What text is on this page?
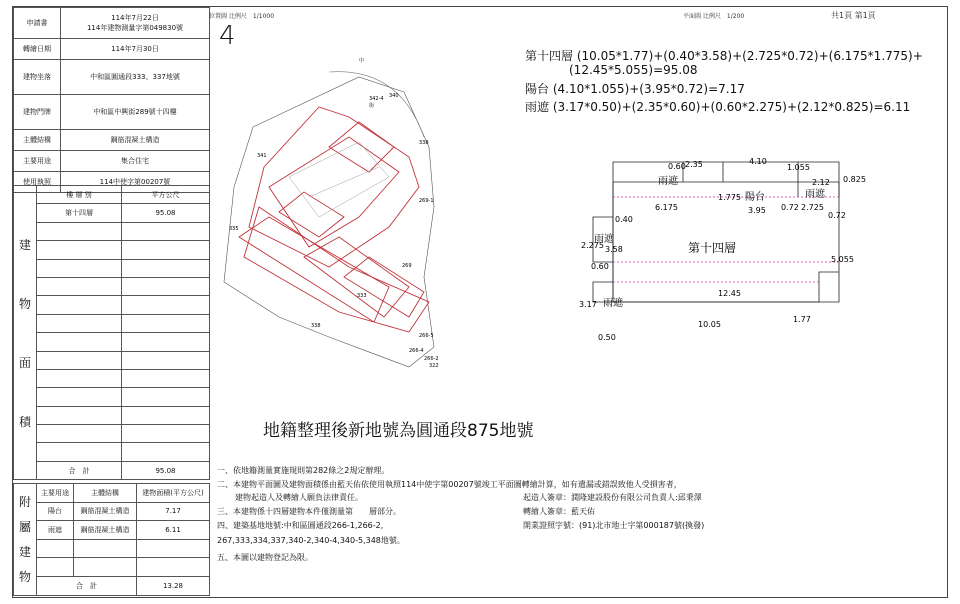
申請書	114年7月22日
114年建物測量字第049830號

轉繪日期	114年7月30日
建物坐落	中和區圓通段333、337地號
建物門牌	中和區中興街289號十四樓
主體結構	鋼筋混凝土構造
主要用途	集合住宅
使用執照	114中使字第00207號
建
物
面
積	樓 層 別	平方公尺
	第十四層	95.08

	合　計	95.08
附
屬
建
物	主要用途	主體結構	建物面積(平方公尺)
	陽台	鋼筋混凝土構造	7.17
	雨遮	鋼筋混凝土構造	6.11

	合　計		13.28
位置圖 比例尺　1/1000	平面圖 比例尺　1/200	共1頁 第1頁
4
269-1
335
333
338
338
340
269
266-5
342-4
266-4
266-2
322
中
街
341
第十四層 (10.05*1.77)+(0.40*3.58)+(2.725*0.72)+(6.175*1.775)+
(12.45*5.055)=95.08
陽台 (4.10*1.055)+(3.95*0.72)=7.17
雨遮 (3.17*0.50)+(2.35*0.60)+(0.60*2.275)+(2.12*0.825)=6.11
第十四層
雨遮
陽台	雨遮
雨遮
雨遮
0.60 2.35	4.10
1.055
2.12 0.825
6.175
1.775
3.95 0.72 2.725
0.72
0.40
2.275 3.58
0.60
5.055
3.17
12.45
1.77
0.50
10.05
地籍整理後新地號為圓通段875地號
一、依地籍測量實施規則第282條之2規定辦理。
二、本建物平面圖及建物面積係由藍天佑依使用執照114中使字第00207號竣工平面圖轉繪計算，如有遺漏或錯誤致他人受損害者，
建物起造人及轉繪人願負法律責任。
三、本建物係十四層建物本件僅測量第　　層部分。
四、建築基地地號:中和區圓通段266-1,266-2,
267,333,334,337,340-2,340-4,340-5,348地號。
五、本圖以建物登記為限。
起造人簽章：潤隆建設股份有限公司負責人:邱秉澤
轉繪人簽章：藍天佑
開業證照字號：(91)北市地士字第000187號(換發)
